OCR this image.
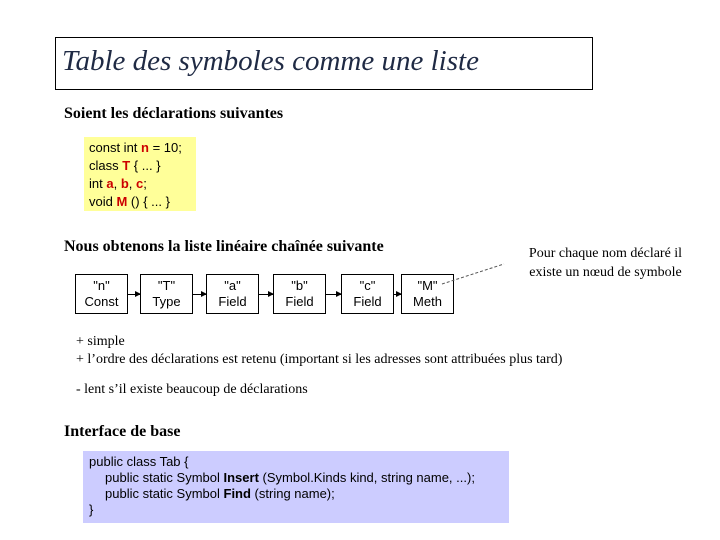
Table des symboles comme une liste
Soient les déclarations suivantes
const int n = 10;
class T { ... }
int a, b, c;
void M () { ... }
Nous obtenons la liste linéaire chaînée suivante
"n"
Const
"T"
Type
"a"
Field
"b"
Field
"c"
Field
"M"
Meth
Pour chaque nom déclaré il
existe un nœud de symbole
+ simple
+ l’ordre des déclarations est retenu (important si les adresses sont attribuées plus tard)
- lent s’il existe beaucoup de déclarations
Interface de base
public class Tab {
public static Symbol Insert (Symbol.Kinds kind, string name, ...);
public static Symbol Find (string name);
}
